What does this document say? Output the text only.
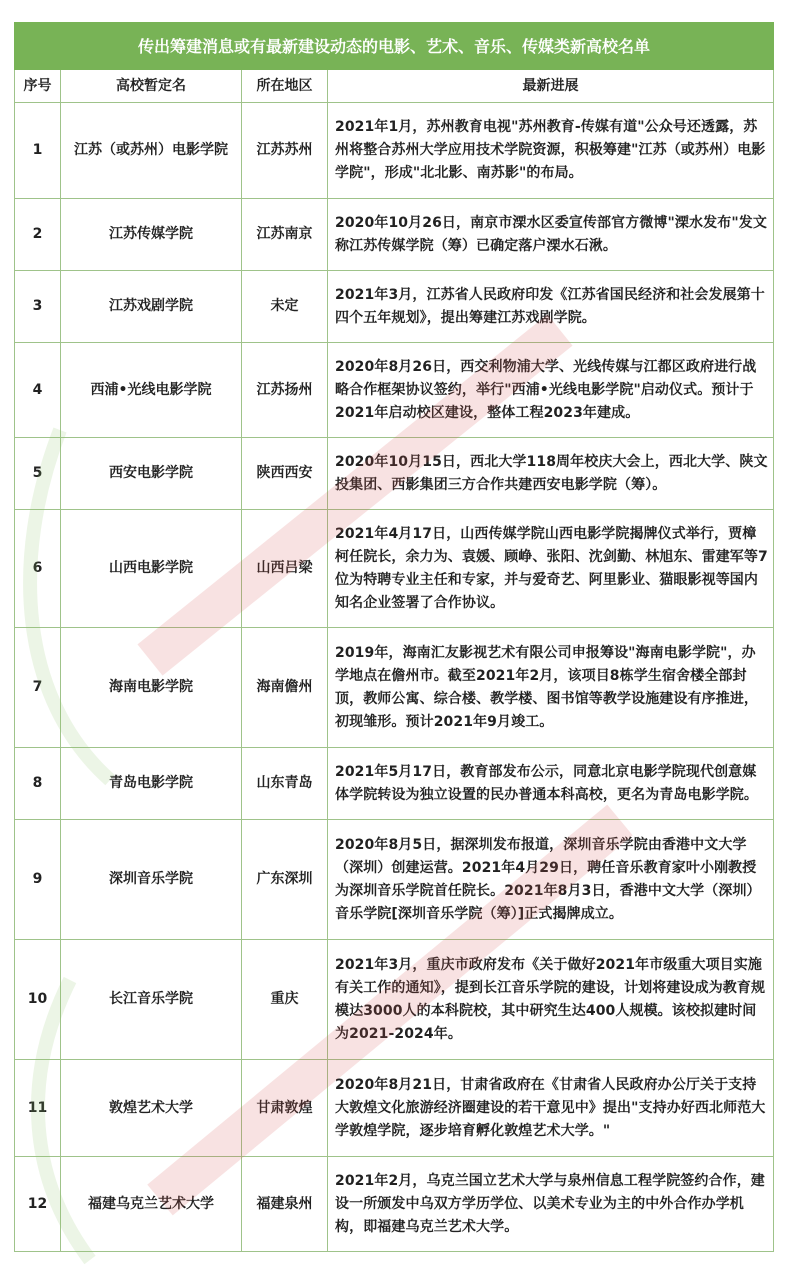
传出筹建消息或有最新建设动态的电影、艺术、音乐、传媒类新高校名单			
序号	高校暂定名	所在地区	最新进展
1	江苏（或苏州）电影学院	江苏苏州	2021年1月，苏州教育电视"苏州教育-传媒有道"公众号还透露，苏州将整合苏州大学应用技术学院资源，积极筹建"江苏（或苏州）电影学院"，形成"北北影、南苏影"的布局。
2	江苏传媒学院	江苏南京	2020年10月26日，南京市溧水区委宣传部官方微博"溧水发布"发文称江苏传媒学院（筹）已确定落户溧水石湫。
3	江苏戏剧学院	未定	2021年3月，江苏省人民政府印发《江苏省国民经济和社会发展第十四个五年规划》，提出筹建江苏戏剧学院。
4	西浦•光线电影学院	江苏扬州	2020年8月26日，西交利物浦大学、光线传媒与江都区政府进行战略合作框架协议签约，举行"西浦•光线电影学院"启动仪式。预计于2021年启动校区建设，整体工程2023年建成。
5	西安电影学院	陕西西安	2020年10月15日，西北大学118周年校庆大会上，西北大学、陕文投集团、西影集团三方合作共建西安电影学院（筹）。
6	山西电影学院	山西吕梁	2021年4月17日，山西传媒学院山西电影学院揭牌仪式举行，贾樟柯任院长，余力为、袁媛、顾峥、张阳、沈剑勤、林旭东、雷建军等7位为特聘专业主任和专家，并与爱奇艺、阿里影业、猫眼影视等国内知名企业签署了合作协议。
7	海南电影学院	海南儋州	2019年，海南汇友影视艺术有限公司申报筹设"海南电影学院"，办学地点在儋州市。截至2021年2月，该项目8栋学生宿舍楼全部封顶，教师公寓、综合楼、教学楼、图书馆等教学设施建设有序推进，初现雏形。预计2021年9月竣工。
8	青岛电影学院	山东青岛	2021年5月17日，教育部发布公示，同意北京电影学院现代创意媒体学院转设为独立设置的民办普通本科高校，更名为青岛电影学院。
9	深圳音乐学院	广东深圳	2020年8月5日，据深圳发布报道，深圳音乐学院由香港中文大学（深圳）创建运营。2021年4月29日，聘任音乐教育家叶小刚教授为深圳音乐学院首任院长。2021年8月3日，香港中文大学（深圳）音乐学院[深圳音乐学院（筹）]正式揭牌成立。
10	长江音乐学院	重庆	2021年3月，重庆市政府发布《关于做好2021年市级重大项目实施有关工作的通知》，提到长江音乐学院的建设，计划将建设成为教育规模达3000人的本科院校，其中研究生达400人规模。该校拟建时间为2021-2024年。
11	敦煌艺术大学	甘肃敦煌	2020年8月21日，甘肃省政府在《甘肃省人民政府办公厅关于支持大敦煌文化旅游经济圈建设的若干意见中》提出"支持办好西北师范大学敦煌学院，逐步培育孵化敦煌艺术大学。"
12	福建乌克兰艺术大学	福建泉州	2021年2月，乌克兰国立艺术大学与泉州信息工程学院签约合作，建设一所颁发中乌双方学历学位、以美术专业为主的中外合作办学机构，即福建乌克兰艺术大学。
